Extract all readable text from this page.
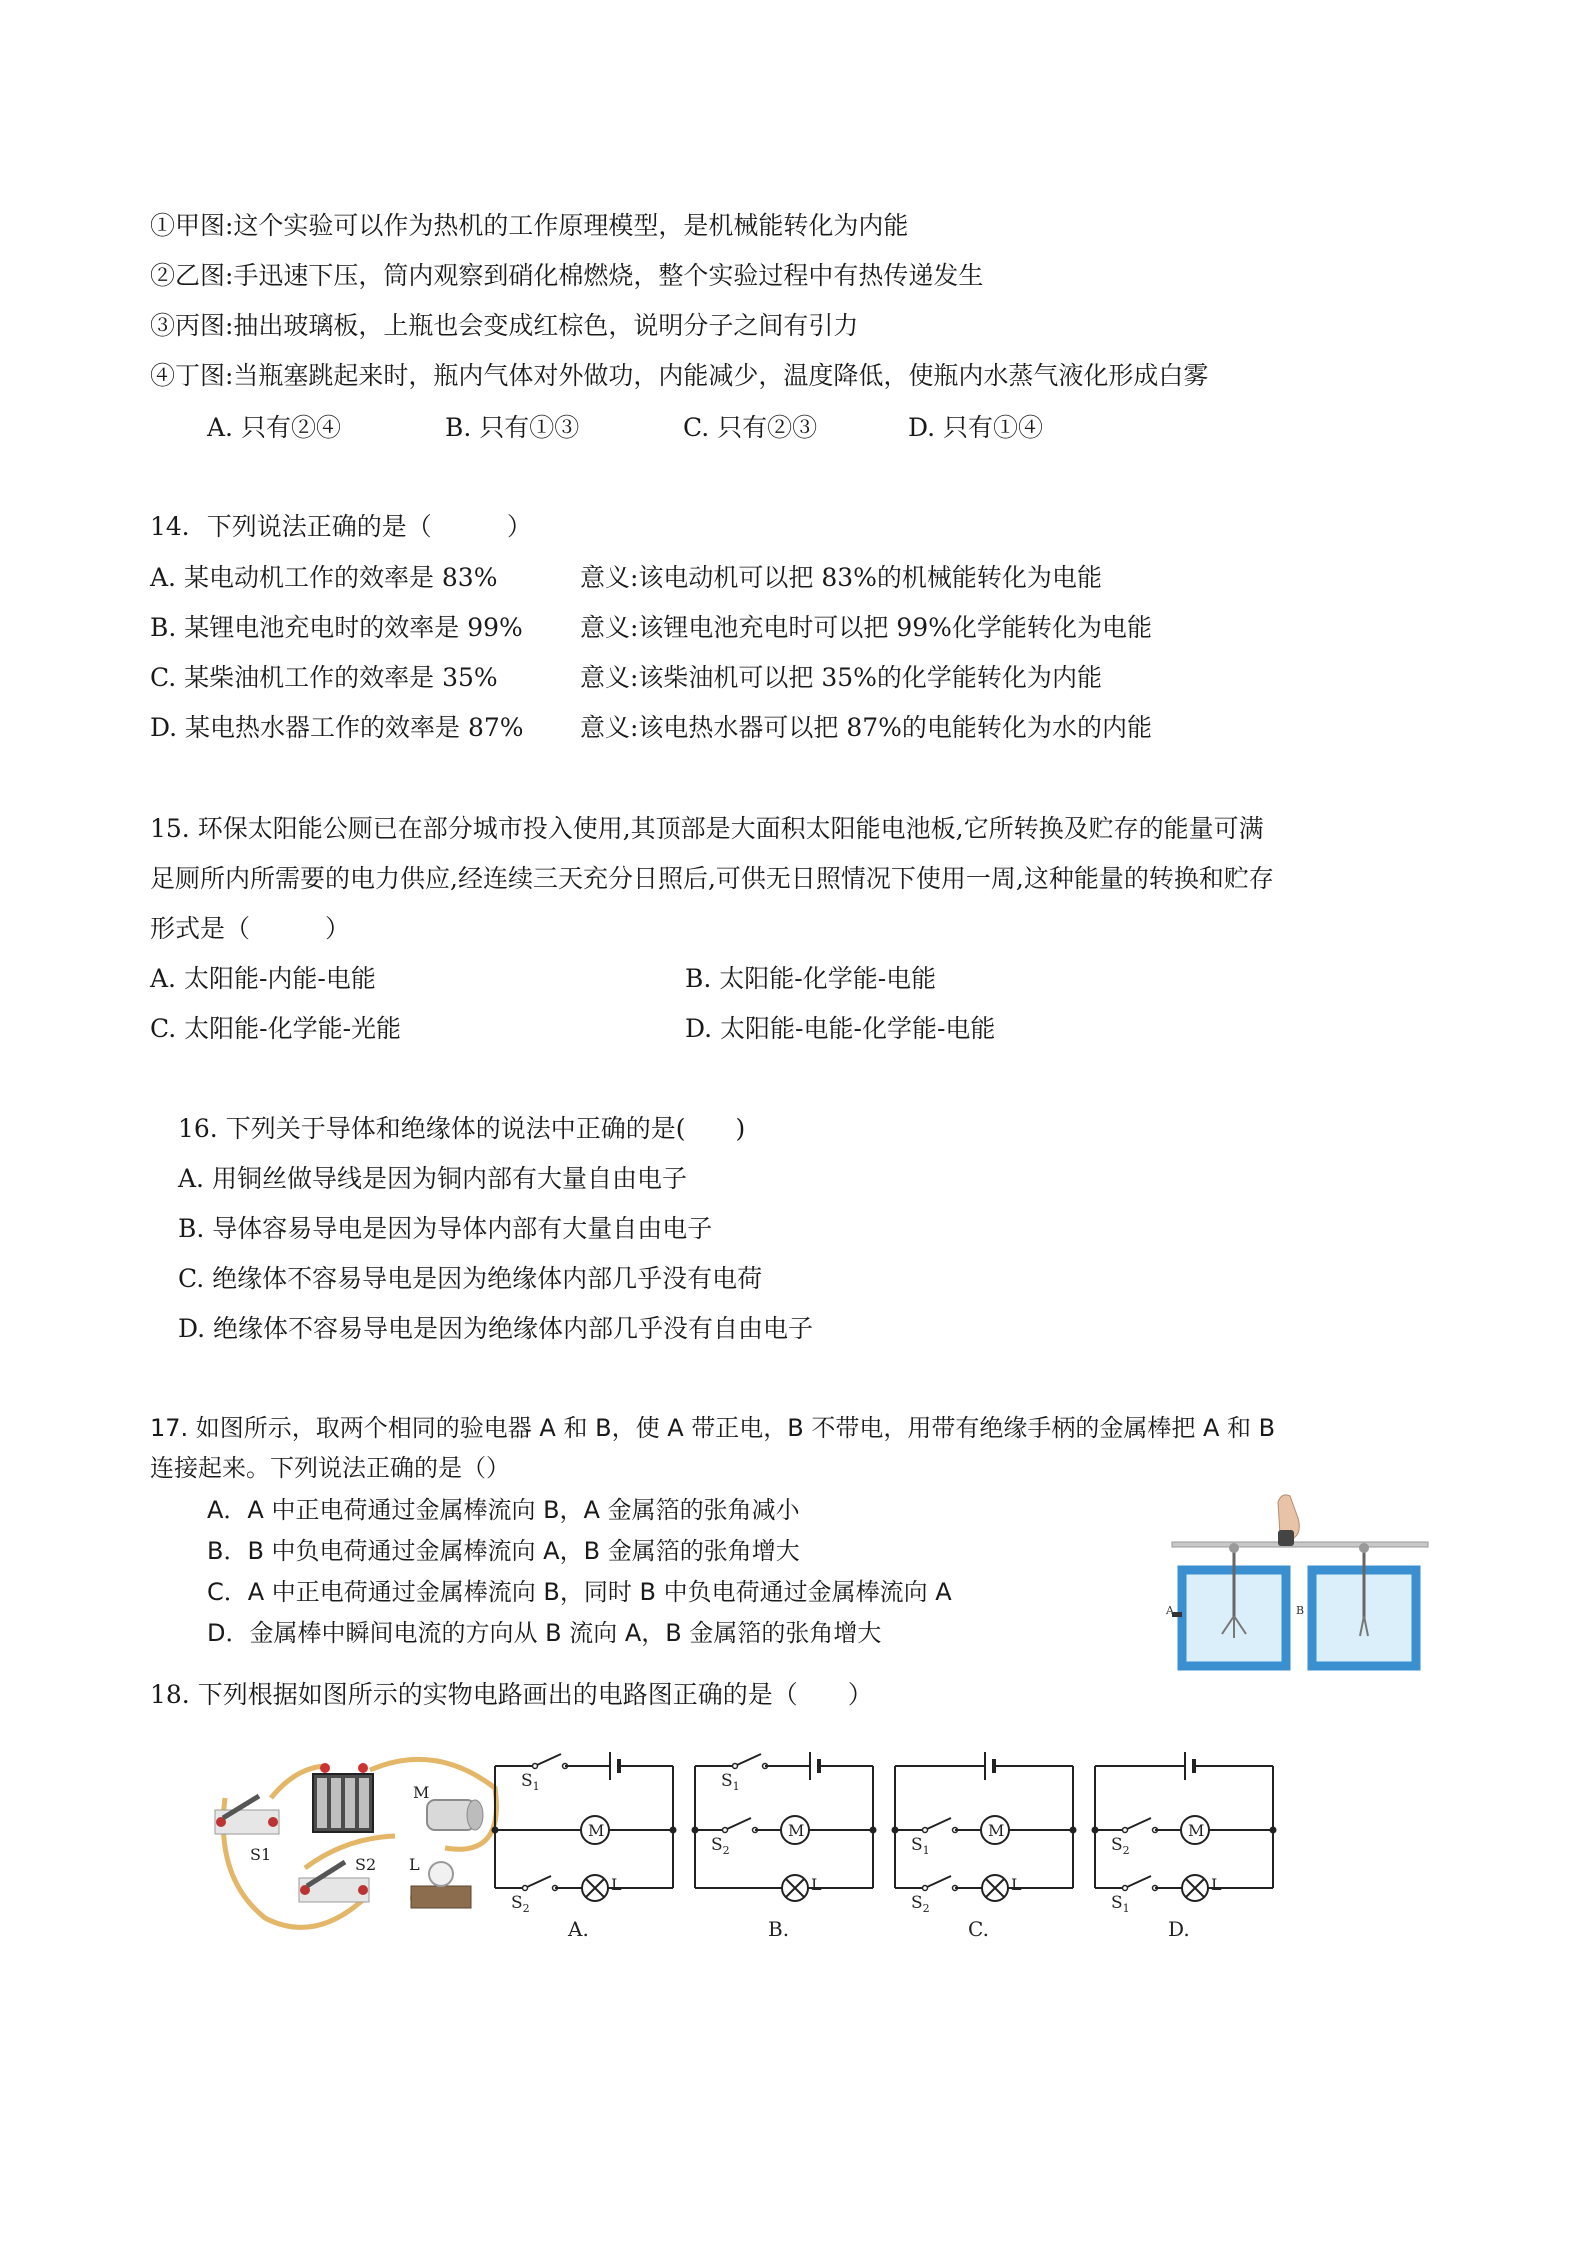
①甲图:这个实验可以作为热机的工作原理模型，是机械能转化为内能
②乙图:手迅速下压，筒内观察到硝化棉燃烧，整个实验过程中有热传递发生
③丙图:抽出玻璃板，上瓶也会变成红棕色，说明分子之间有引力
④丁图:当瓶塞跳起来时，瓶内气体对外做功，内能减少，温度降低，使瓶内水蒸气液化形成白雾
A. 只有②④	B. 只有①③	C. 只有②③	D. 只有①④
14．下列说法正确的是（　　　）
A. 某电动机工作的效率是 83%	意义:该电动机可以把 83%的机械能转化为电能
B. 某锂电池充电时的效率是 99% 意义:该锂电池充电时可以把 99%化学能转化为电能
C. 某柴油机工作的效率是 35%	意义:该柴油机可以把 35%的化学能转化为内能
D. 某电热水器工作的效率是 87% 意义:该电热水器可以把 87%的电能转化为水的内能
15. 环保太阳能公厕已在部分城市投入使用,其顶部是大面积太阳能电池板,它所转换及贮存的能量可满
足厕所内所需要的电力供应,经连续三天充分日照后,可供无日照情况下使用一周,这种能量的转换和贮存
形式是（　　　）
A. 太阳能-内能-电能	B. 太阳能-化学能-电能
C. 太阳能-化学能-光能	D. 太阳能-电能-化学能-电能
16. 下列关于导体和绝缘体的说法中正确的是(　　)
A. 用铜丝做导线是因为铜内部有大量自由电子
B. 导体容易导电是因为导体内部有大量自由电子
C. 绝缘体不容易导电是因为绝缘体内部几乎没有电荷
D. 绝缘体不容易导电是因为绝缘体内部几乎没有自由电子
17. 如图所示，取两个相同的验电器 A 和 B，使 A 带正电，B 不带电，用带有绝缘手柄的金属棒把 A 和 B
连接起来。下列说法正确的是（）
A．A 中正电荷通过金属棒流向 B，A 金属箔的张角减小
B．B 中负电荷通过金属棒流向 A，B 金属箔的张角增大
C．A 中正电荷通过金属棒流向 B，同时 B 中负电荷通过金属棒流向 A
D．金属棒中瞬间电流的方向从 B 流向 A，B 金属箔的张角增大
A	B
18. 下列根据如图所示的实物电路画出的电路图正确的是（　　）
M
S1
S2 L
$S_1$
M
$S_2$
L
A.
$S_1$
$S_2$
M
L
B.
$S_1$
M
$S_2$
L
C.
$S_2$
M
$S_1$
L
D.
